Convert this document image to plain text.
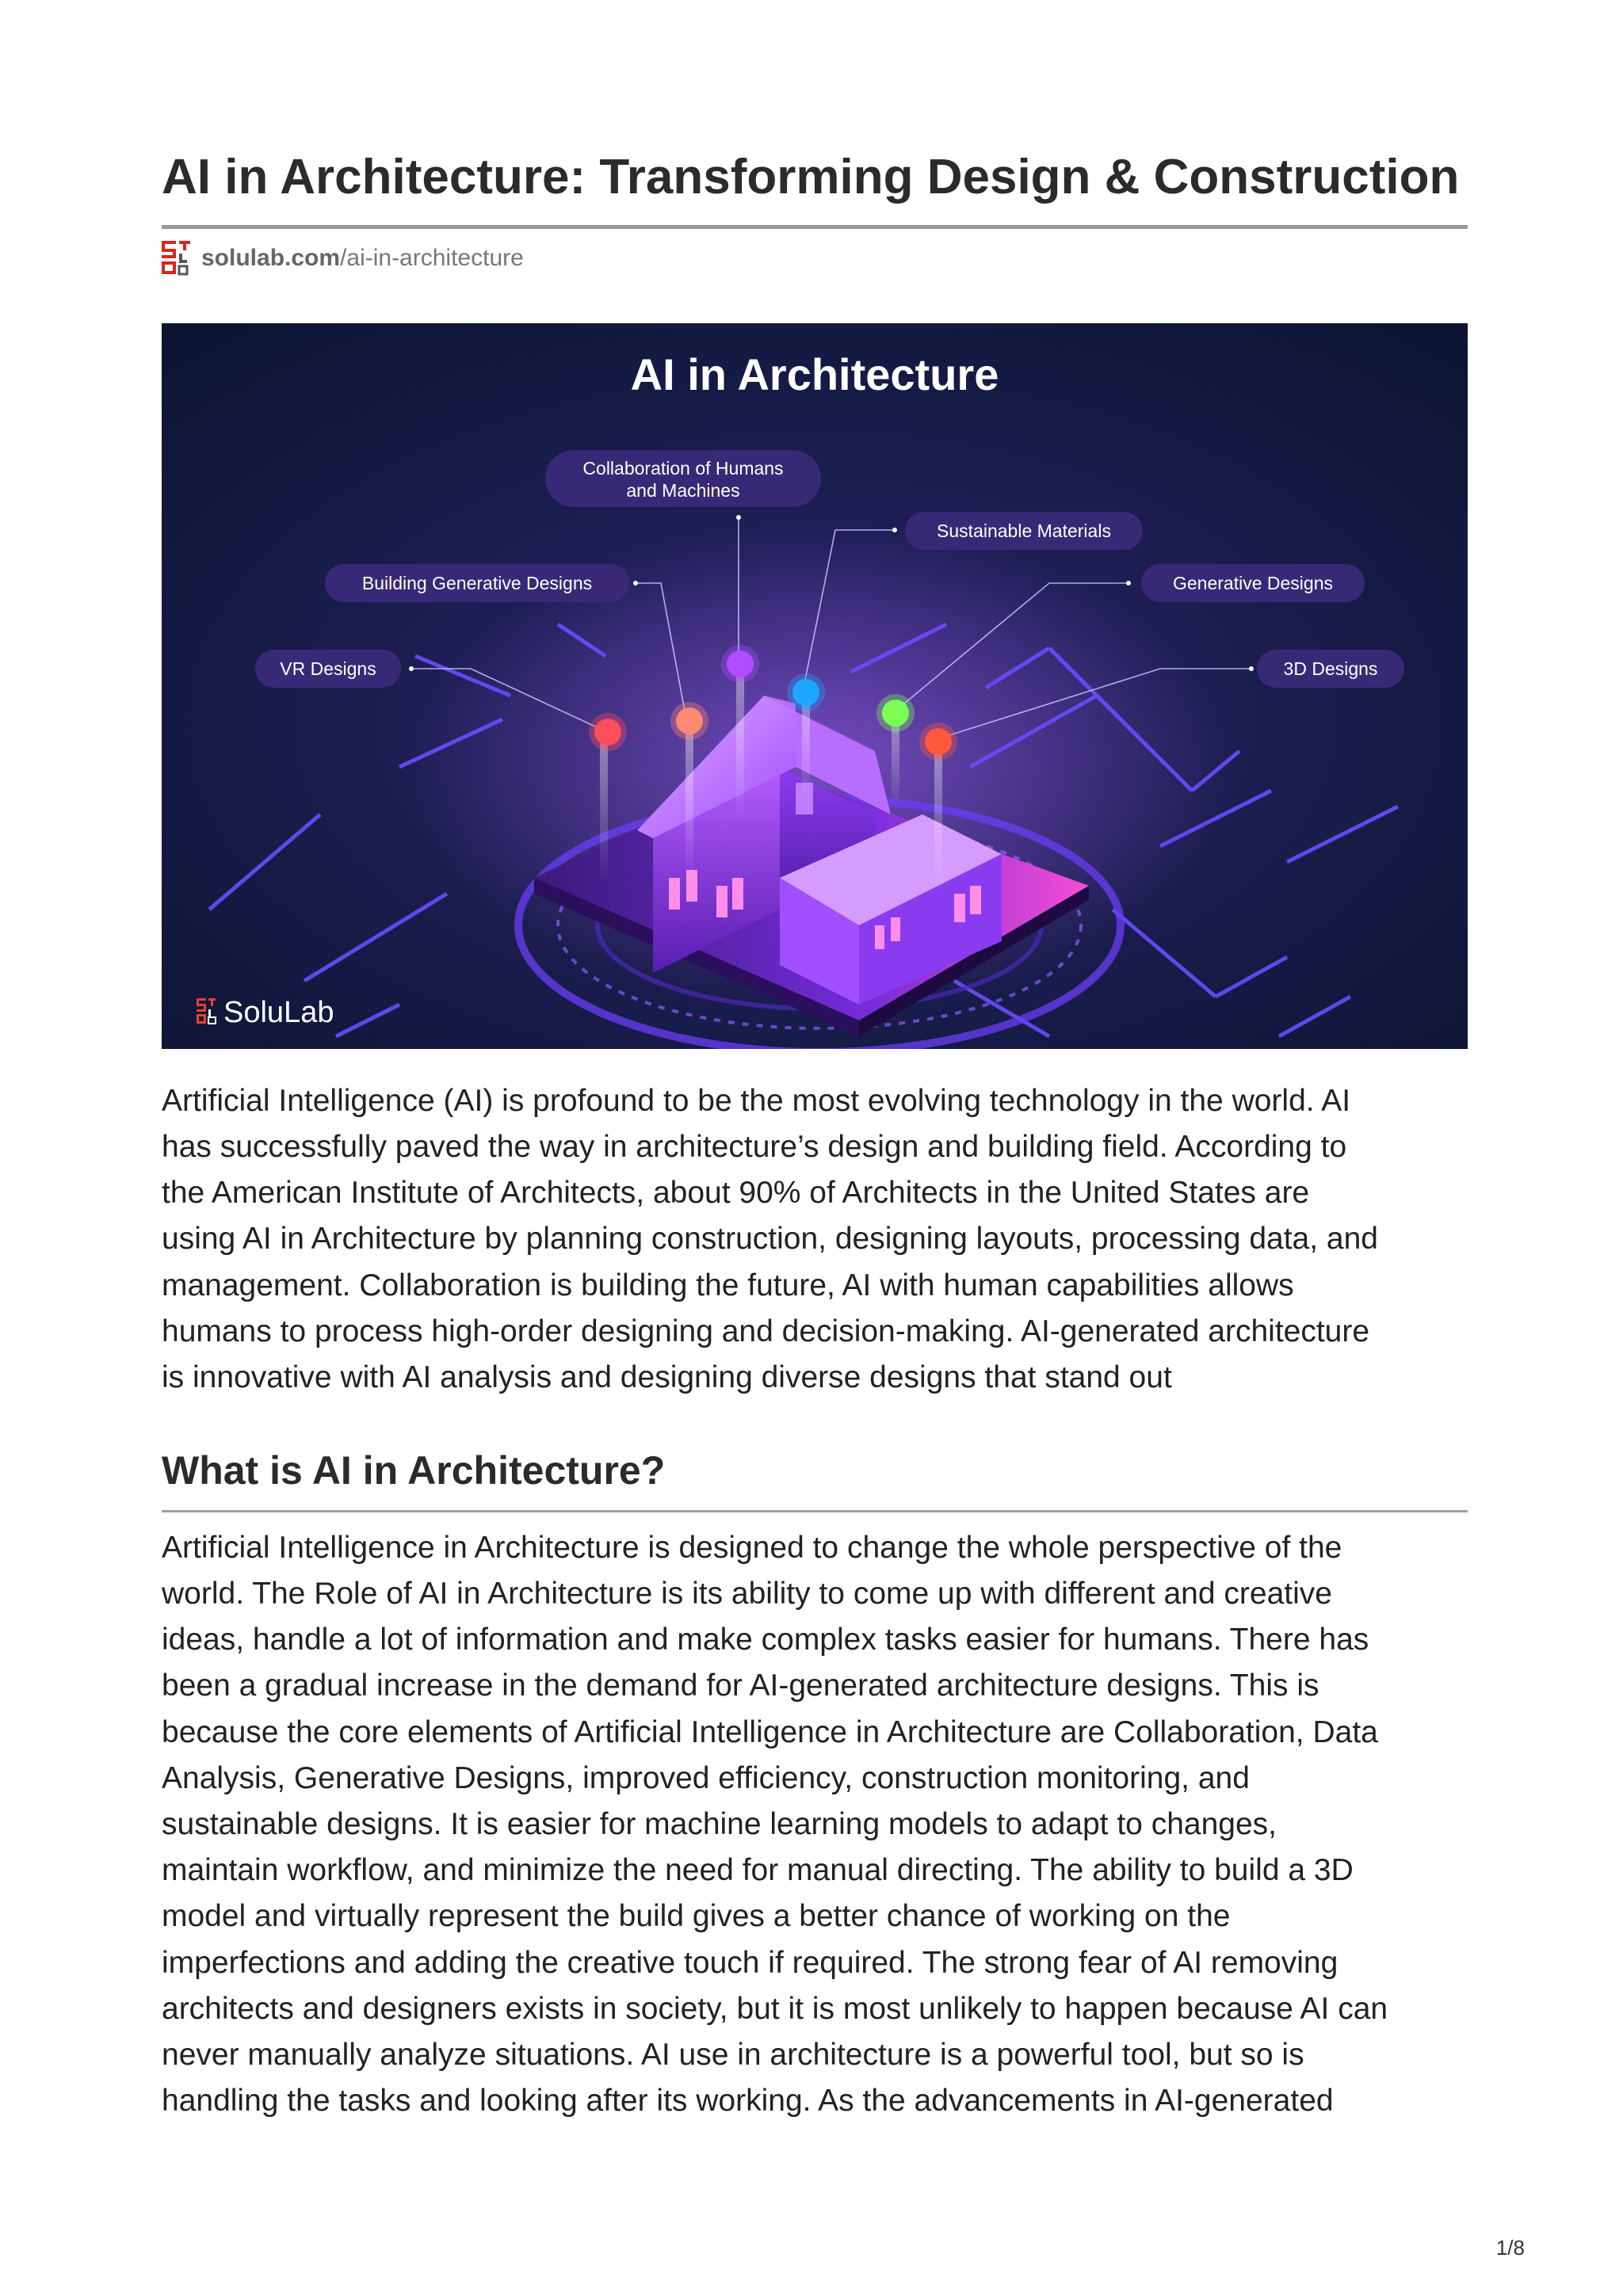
AI in Architecture: Transforming Design & Construction
solulab.com /ai-in-architecture
AI in Architecture
Collaboration of Humans
and Machines
Sustainable Materials
Building Generative Designs	Generative Designs
VR Designs	3D Designs
SoluLab

Artificial Intelligence (AI) is profound to be the most evolving technology in the world. AI

has successfully paved the way in architecture’s design and building field. According to

the American Institute of Architects, about 90% of Architects in the United States are

using AI in Architecture by planning construction, designing layouts, processing data, and

management. Collaboration is building the future, AI with human capabilities allows

humans to process high-order designing and decision-making. AI-generated architecture

is innovative with AI analysis and designing diverse designs that stand out

What is AI in Architecture?

Artificial Intelligence in Architecture is designed to change the whole perspective of the

world. The Role of AI in Architecture is its ability to come up with different and creative

ideas, handle a lot of information and make complex tasks easier for humans. There has

been a gradual increase in the demand for AI-generated architecture designs. This is

because the core elements of Artificial Intelligence in Architecture are Collaboration, Data

Analysis, Generative Designs, improved efficiency, construction monitoring, and

sustainable designs. It is easier for machine learning models to adapt to changes,

maintain workflow, and minimize the need for manual directing. The ability to build a 3D

model and virtually represent the build gives a better chance of working on the

imperfections and adding the creative touch if required. The strong fear of AI removing

architects and designers exists in society, but it is most unlikely to happen because AI can

never manually analyze situations. AI use in architecture is a powerful tool, but so is

handling the tasks and looking after its working. As the advancements in AI-generated

1/8
